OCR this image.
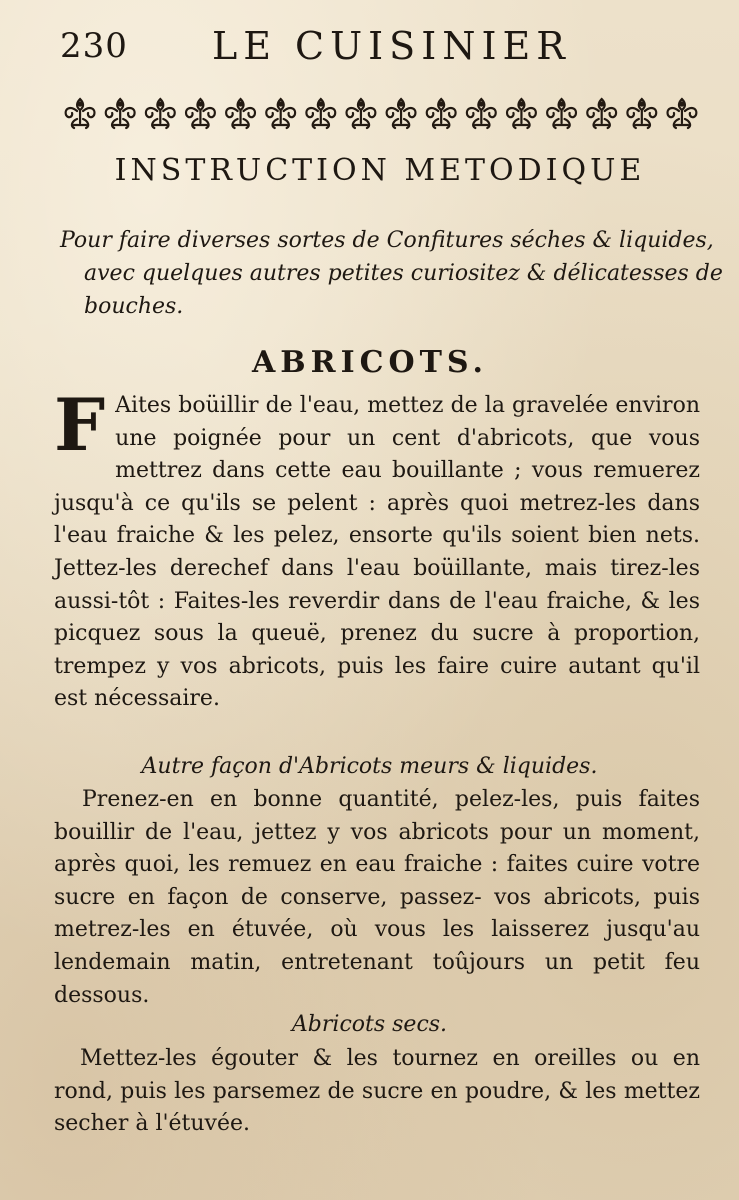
230 LE CUISINIER
INSTRUCTION METODIQUE
Pour faire diverses sortes de Confitures séches & liquides, avec quelques autres petites curiositez & délicatesses de bouches.
ABRICOTS.
F Aites boüillir de l'eau, mettez de la gravelée environ une poignée pour un cent d'abricots, que vous mettrez dans cette eau bouillante ; vous remuerez jusqu'à ce qu'ils se pelent : après quoi metrez-les dans l'eau fraiche & les pelez, ensorte qu'ils soient bien nets. Jettez-les derechef dans l'eau boüillante, mais tirez-les aussi-tôt : Faites-les reverdir dans de l'eau fraiche, & les picquez sous la queuë, prenez du sucre à proportion, trempez y vos abricots, puis les faire cuire autant qu'il est nécessaire.
Autre façon d'Abricots meurs & liquides.
Prenez-en en bonne quantité, pelez-les, puis faites bouillir de l'eau, jettez y vos abricots pour un moment, après quoi, les remuez en eau fraiche : faites cuire votre sucre en façon de conserve, passez- vos abricots, puis metrez-les en étuvée, où vous les laisserez jusqu'au lendemain matin, entretenant toûjours un petit feu dessous.
Abricots secs.
Mettez-les égouter & les tournez en oreilles ou en rond, puis les parsemez de sucre en poudre, & les mettez secher à l'étuvée.
